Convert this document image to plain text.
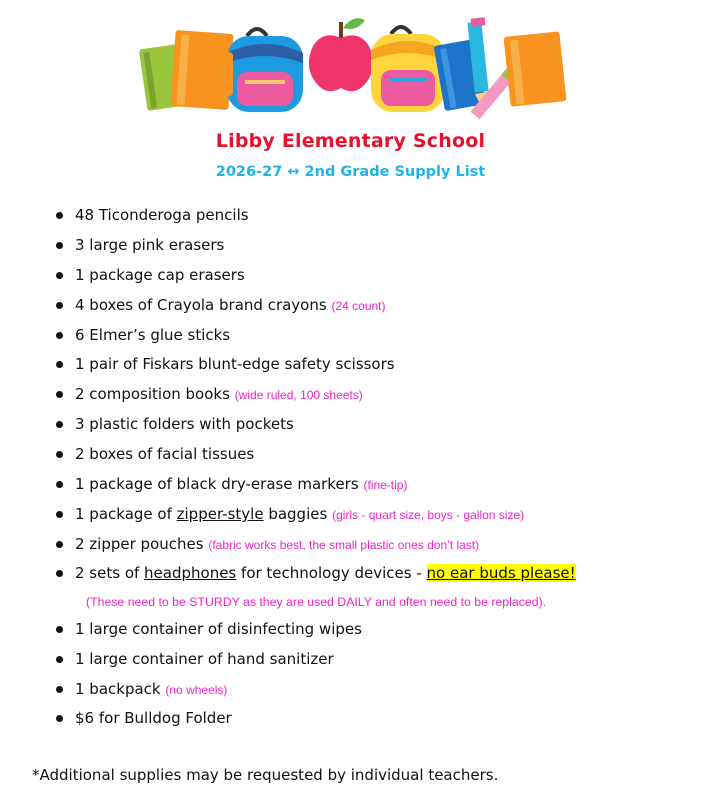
Libby Elementary School
2026-27 ↔ 2nd Grade Supply List
48 Ticonderoga pencils
3 large pink erasers
1 package cap erasers
4 boxes of Crayola brand crayons (24 count)
6 Elmer’s glue sticks
1 pair of Fiskars blunt-edge safety scissors
2 composition books (wide ruled, 100 sheets)
3 plastic folders with pockets
2 boxes of facial tissues
1 package of black dry-erase markers (fine-tip)
1 package of zipper-style baggies (girls - quart size, boys - gallon size)
2 zipper pouches (fabric works best, the small plastic ones don’t last)
2 sets of headphones for technology devices - no ear buds please!
1 large container of disinfecting wipes
1 large container of hand sanitizer
1 backpack (no wheels)
$6 for Bulldog Folder
(These need to be STURDY as they are used DAILY and often need to be replaced).
*Additional supplies may be requested by individual teachers.
